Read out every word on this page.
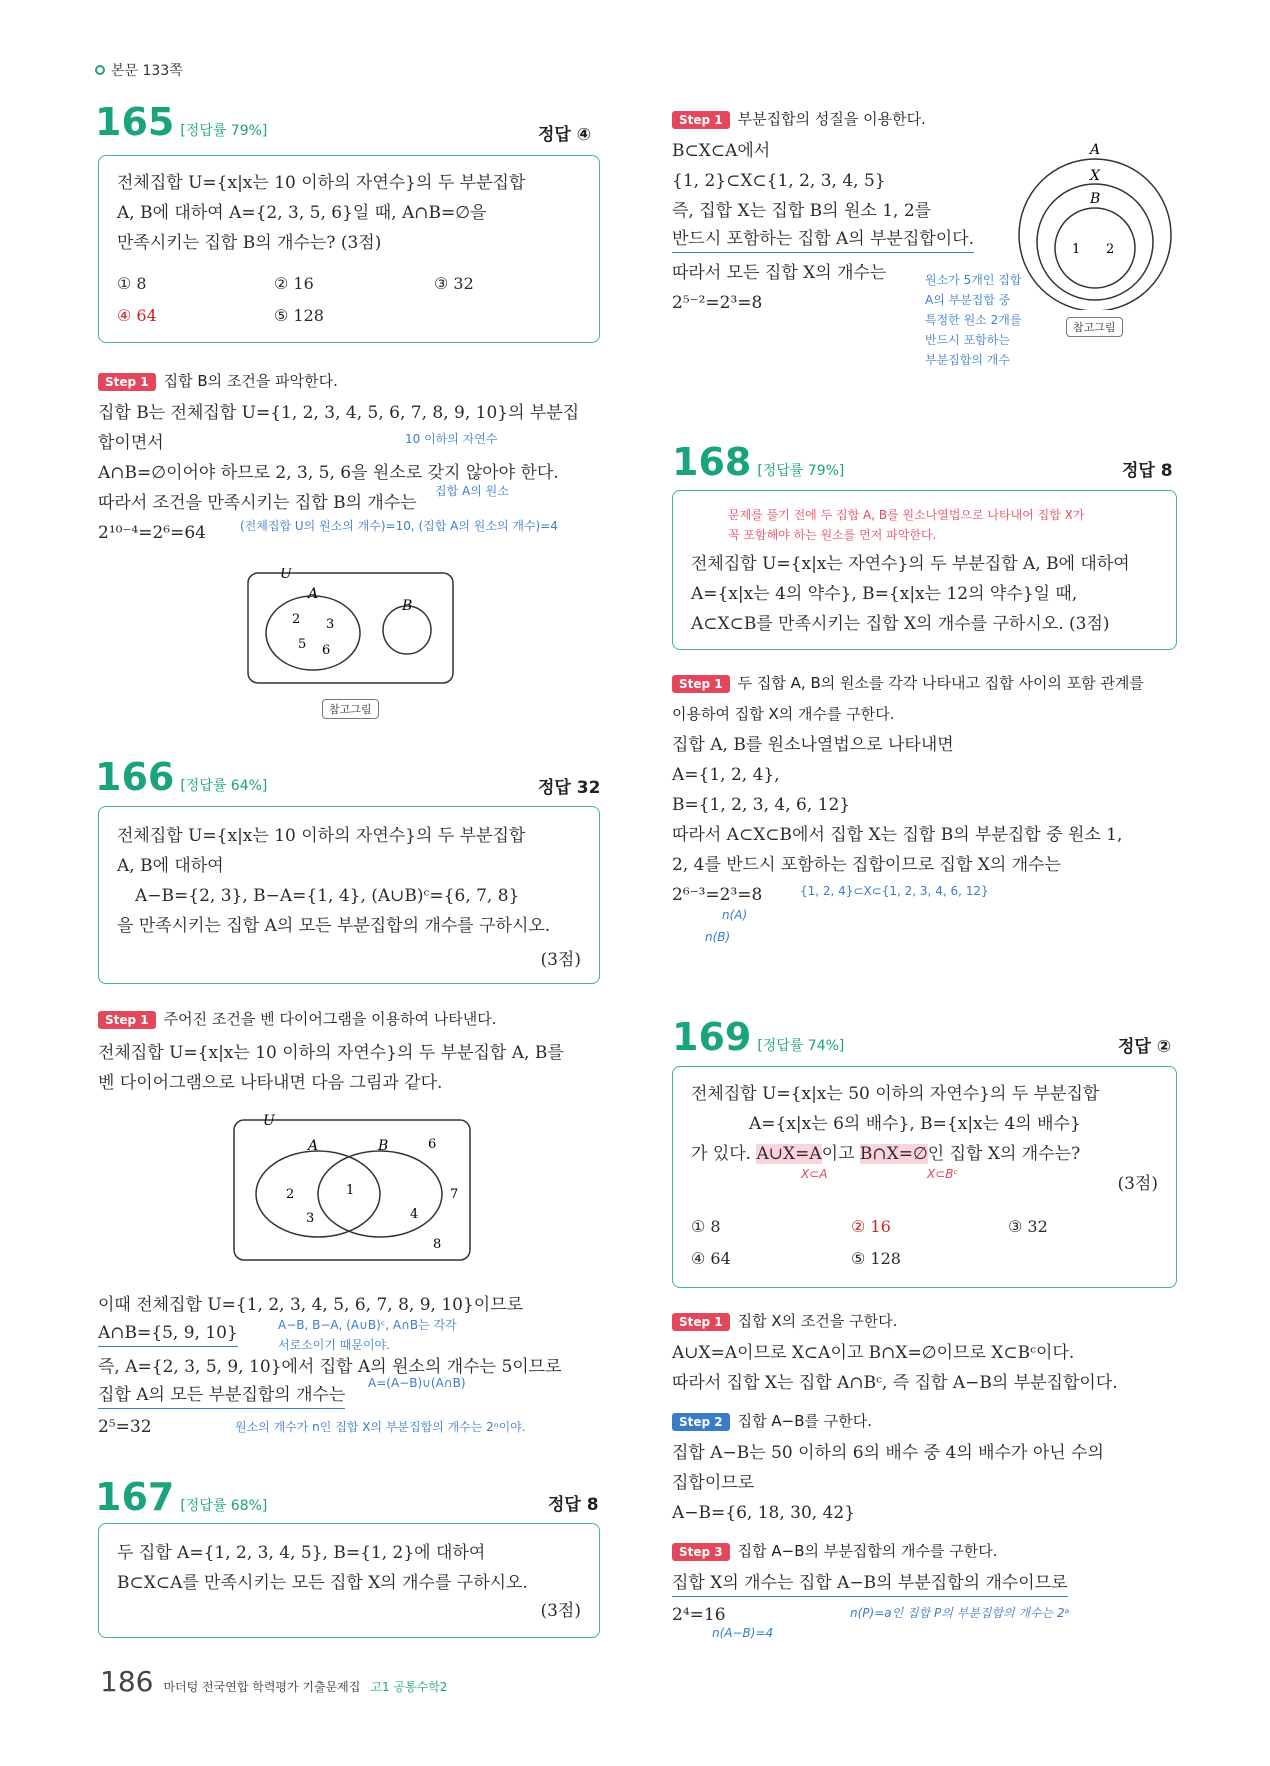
본문 133쪽
165 [정답률 79%]	정답 ④
전체집합 U={x|x는 10 이하의 자연수}의 두 부분집합
A, B에 대하여 A={2, 3, 5, 6}일 때, A∩B=∅을
만족시키는 집합 B의 개수는? (3점)
① 8	② 16	③ 32
④ 64	⑤ 128
Step 1 집합 B의 조건을 파악한다.
집합 B는 전체집합 U={1, 2, 3, 4, 5, 6, 7, 8, 9, 10}의 부분집
합이면서	10 이하의 자연수
A∩B=∅이어야 하므로 2, 3, 5, 6을 원소로 갖지 않아야 한다.
집합 A의 원소
따라서 조건을 만족시키는 집합 B의 개수는
2¹⁰⁻⁴=2⁶=64	(전체집합 U의 원소의 개수)=10, (집합 A의 원소의 개수)=4
U
A
B
2 3
5 6
참고그림
166 [정답률 64%]	정답 32
전체집합 U={x|x는 10 이하의 자연수}의 두 부분집합
A, B에 대하여
A−B={2, 3}, B−A={1, 4}, (A∪B)ᶜ={6, 7, 8}
을 만족시키는 집합 A의 모든 부분집합의 개수를 구하시오.
(3점)
Step 1 주어진 조건을 벤 다이어그램을 이용하여 나타낸다.
전체집합 U={x|x는 10 이하의 자연수}의 두 부분집합 A, B를
벤 다이어그램으로 나타내면 다음 그림과 같다.
U
A	B
2
3
1
4
6
7
8
이때 전체집합 U={1, 2, 3, 4, 5, 6, 7, 8, 9, 10}이므로
A∩B={5, 9, 10}	A−B, B−A, (A∪B)ᶜ, A∩B는 각각
서로소이기 때문이야.
즉, A={2, 3, 5, 9, 10}에서 집합 A의 원소의 개수는 5이므로
A=(A−B)∪(A∩B)
집합 A의 모든 부분집합의 개수는
2⁵=32	원소의 개수가 n인 집합 X의 부분집합의 개수는 2ⁿ이야.
167 [정답률 68%]	정답 8
두 집합 A={1, 2, 3, 4, 5}, B={1, 2}에 대하여
B⊂X⊂A를 만족시키는 모든 집합 X의 개수를 구하시오.
(3점)
186 마더텅 전국연합 학력평가 기출문제집 고1 공통수학2
Step 1 부분집합의 성질을 이용한다.
B⊂X⊂A에서
{1, 2}⊂X⊂{1, 2, 3, 4, 5}
즉, 집합 X는 집합 B의 원소 1, 2를
반드시 포함하는 집합 A의 부분집합이다.
따라서 모든 집합 X의 개수는
2⁵⁻²=2³=8
원소가 5개인 집합
A의 부분집합 중
특정한 원소 2개를
반드시 포함하는
부분집합의 개수
A
X
B
1 2
참고그림
168 [정답률 79%]	정답 8
문제를 풀기 전에 두 집합 A, B를 원소나열법으로 나타내어 집합 X가
꼭 포함해야 하는 원소를 먼저 파악한다.
전체집합 U={x|x는 자연수}의 두 부분집합 A, B에 대하여
A={x|x는 4의 약수}, B={x|x는 12의 약수}일 때,
A⊂X⊂B를 만족시키는 집합 X의 개수를 구하시오. (3점)
Step 1 두 집합 A, B의 원소를 각각 나타내고 집합 사이의 포함 관계를
이용하여 집합 X의 개수를 구한다.
집합 A, B를 원소나열법으로 나타내면
A={1, 2, 4},
B={1, 2, 3, 4, 6, 12}
따라서 A⊂X⊂B에서 집합 X는 집합 B의 부분집합 중 원소 1,
2, 4를 반드시 포함하는 집합이므로 집합 X의 개수는
2⁶⁻³=2³=8	{1, 2, 4}⊂X⊂{1, 2, 3, 4, 6, 12}
n(A)
n(B)
169 [정답률 74%]	정답 ②
전체집합 U={x|x는 50 이하의 자연수}의 두 부분집합
A={x|x는 6의 배수}, B={x|x는 4의 배수}
가 있다. A∪X=A이고 B∩X=∅인 집합 X의 개수는?
X⊂A	X⊂Bᶜ	(3점)
① 8	② 16	③ 32
④ 64	⑤ 128
Step 1 집합 X의 조건을 구한다.
A∪X=A이므로 X⊂A이고 B∩X=∅이므로 X⊂Bᶜ이다.
따라서 집합 X는 집합 A∩Bᶜ, 즉 집합 A−B의 부분집합이다.
Step 2 집합 A−B를 구한다.
집합 A−B는 50 이하의 6의 배수 중 4의 배수가 아닌 수의
집합이므로
A−B={6, 18, 30, 42}
Step 3 집합 A−B의 부분집합의 개수를 구한다.
집합 X의 개수는 집합 A−B의 부분집합의 개수이므로
2⁴=16	n(P)=a인 집합 P의 부분집합의 개수는 2ᵃ
n(A−B)=4
